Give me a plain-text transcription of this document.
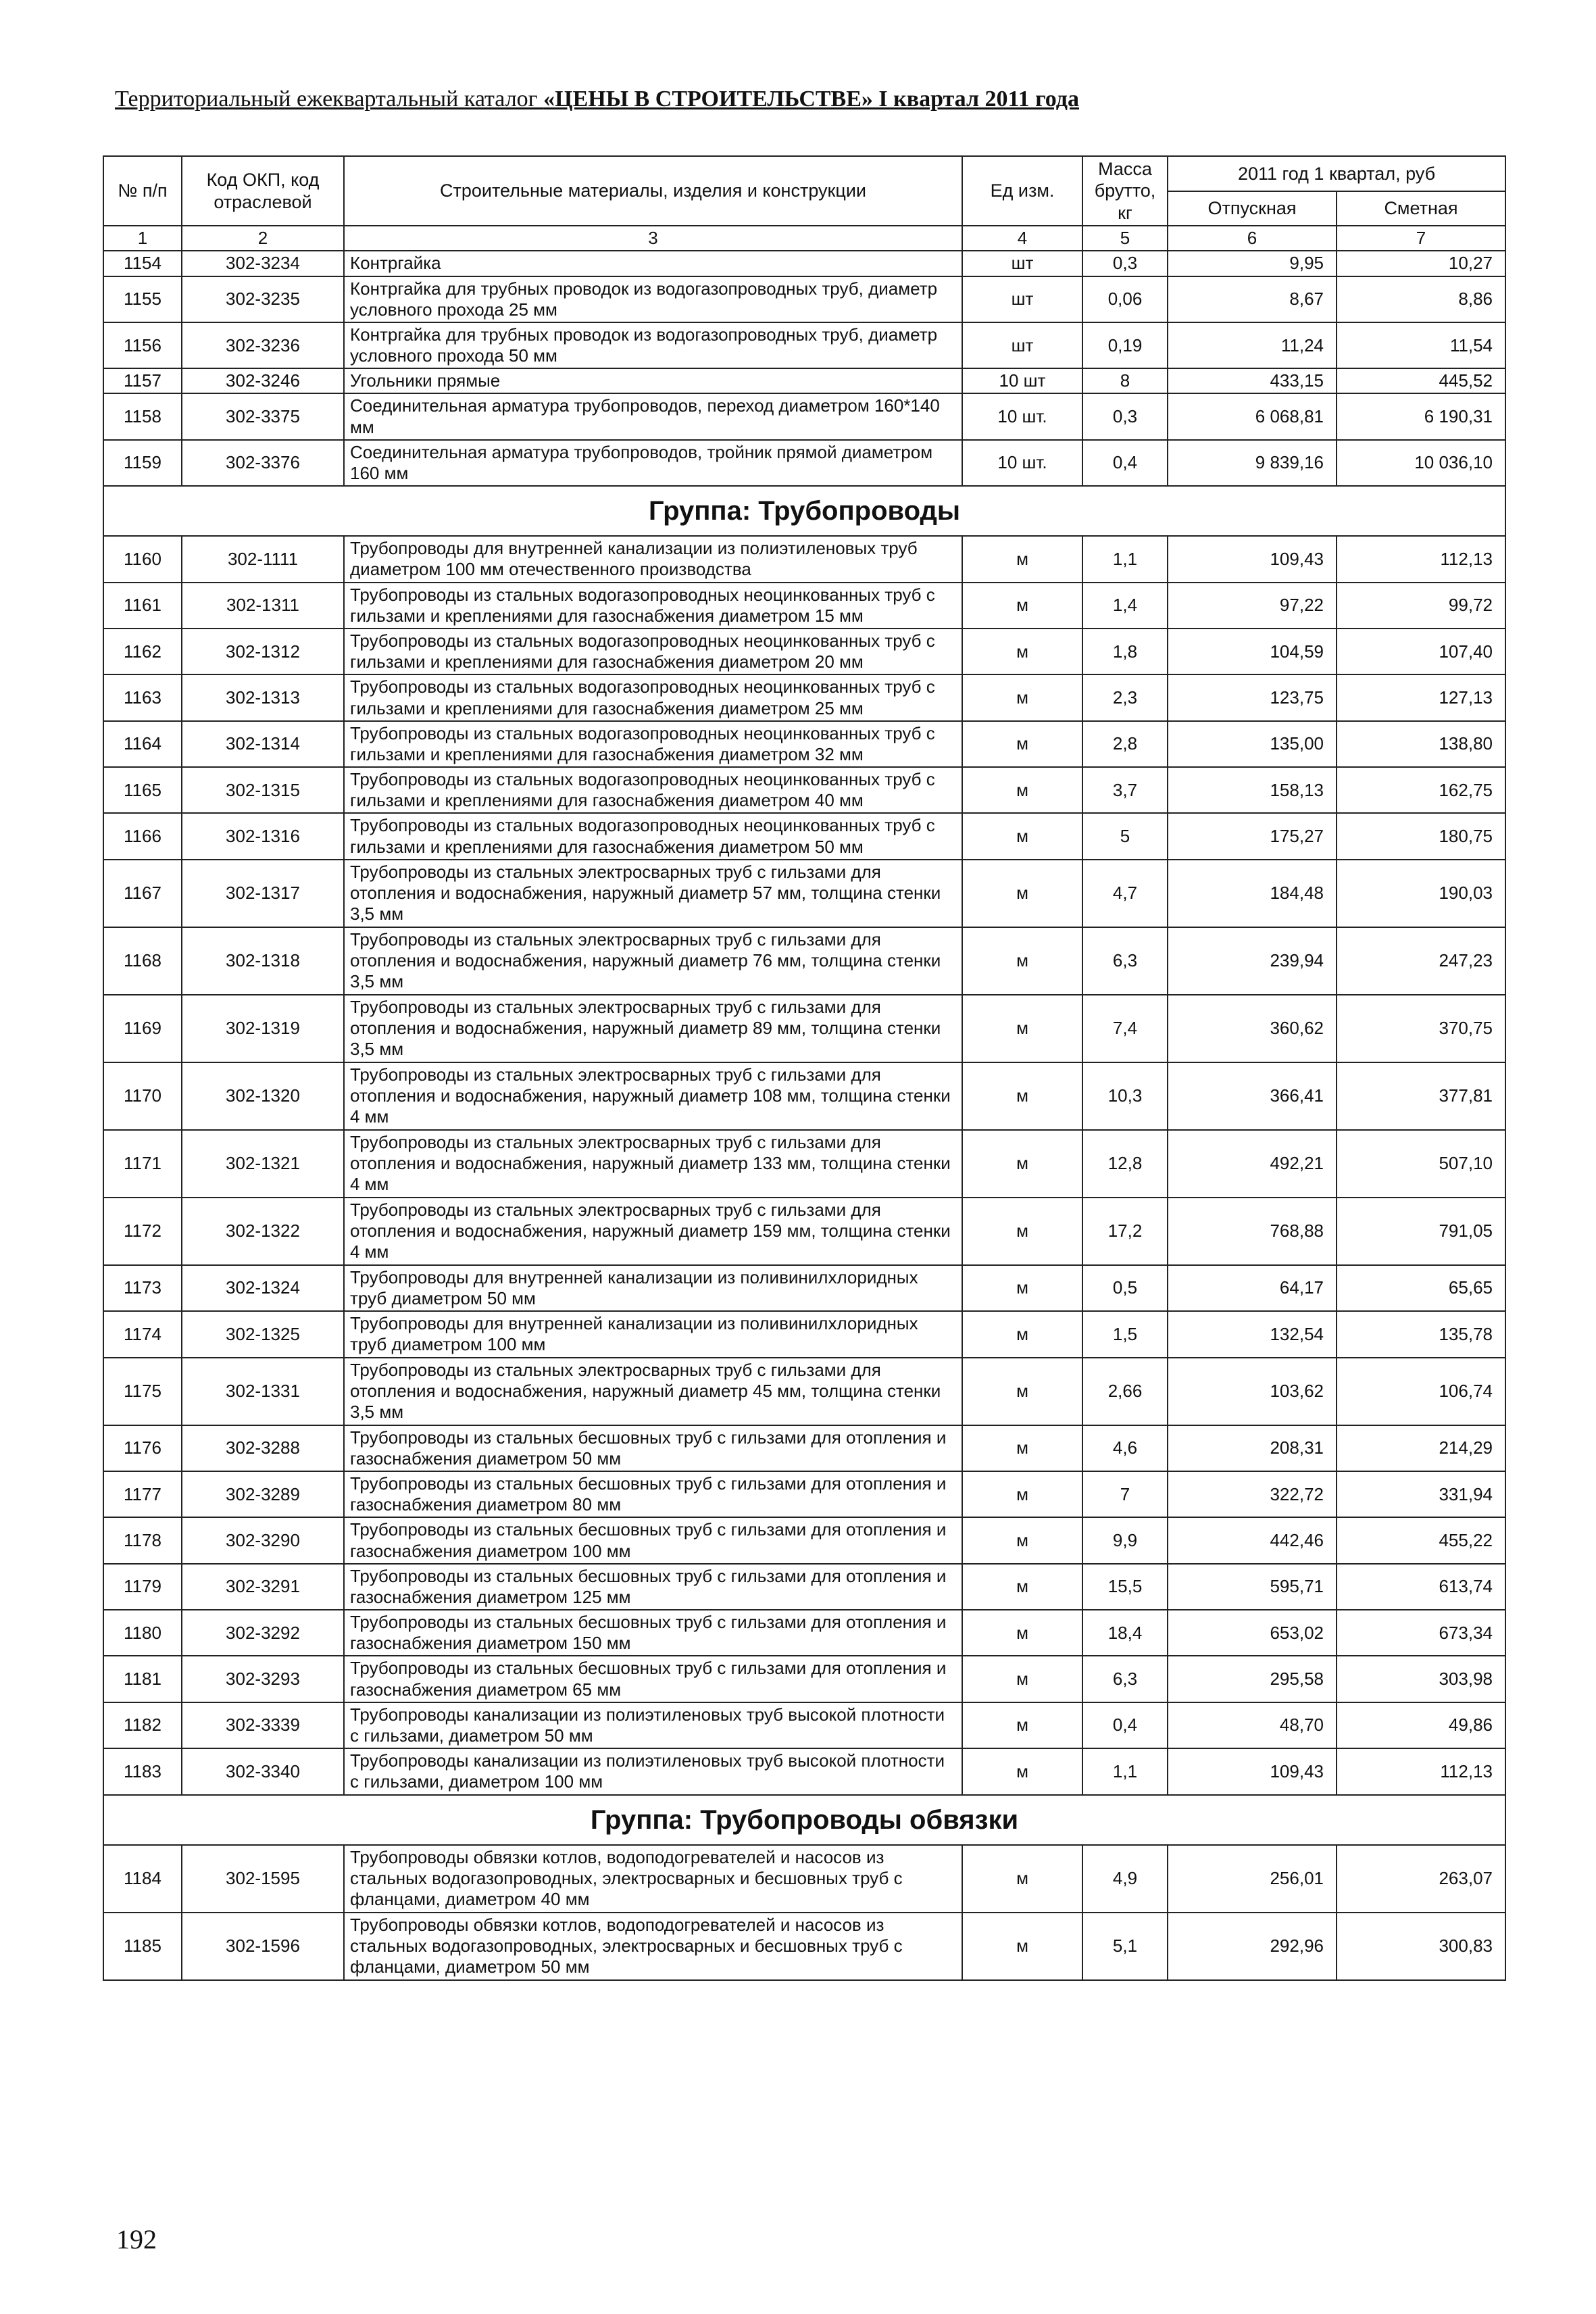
Территориальный ежеквартальный каталог «ЦЕНЫ В СТРОИТЕЛЬСТВЕ» I квартал 2011 года
№ п/п	Код ОКП, код отраслевой	Строительные материалы, изделия и конструкции	Ед изм.	Масса брутто, кг	2011 год 1 квартал, руб	
					Отпускная	Сметная
1	2	3	4	5	6	7
1154	302-3234	Контргайка	шт	0,3	9,95	10,27
1155	302-3235	Контргайка для трубных проводок из водогазопроводных труб, диаметр условного прохода 25 мм	шт	0,06	8,67	8,86
1156	302-3236	Контргайка для трубных проводок из водогазопроводных труб, диаметр условного прохода 50 мм	шт	0,19	11,24	11,54
1157	302-3246	Угольники прямые	10 шт	8	433,15	445,52
1158	302-3375	Соединительная арматура трубопроводов, переход диаметром 160*140 мм	10 шт.	0,3	6 068,81	6 190,31
1159	302-3376	Соединительная арматура трубопроводов, тройник прямой диаметром 160 мм	10 шт.	0,4	9 839,16	10 036,10
Группа: Трубопроводы						
1160	302-1111	Трубопроводы для внутренней канализации из полиэтиленовых труб диаметром 100 мм отечественного производства	м	1,1	109,43	112,13
1161	302-1311	Трубопроводы из стальных водогазопроводных неоцинкованных труб с гильзами и креплениями для газоснабжения диаметром 15 мм	м	1,4	97,22	99,72
1162	302-1312	Трубопроводы из стальных водогазопроводных неоцинкованных труб с гильзами и креплениями для газоснабжения диаметром 20 мм	м	1,8	104,59	107,40
1163	302-1313	Трубопроводы из стальных водогазопроводных неоцинкованных труб с гильзами и креплениями для газоснабжения диаметром 25 мм	м	2,3	123,75	127,13
1164	302-1314	Трубопроводы из стальных водогазопроводных неоцинкованных труб с гильзами и креплениями для газоснабжения диаметром 32 мм	м	2,8	135,00	138,80
1165	302-1315	Трубопроводы из стальных водогазопроводных неоцинкованных труб с гильзами и креплениями для газоснабжения диаметром 40 мм	м	3,7	158,13	162,75
1166	302-1316	Трубопроводы из стальных водогазопроводных неоцинкованных труб с гильзами и креплениями для газоснабжения диаметром 50 мм	м	5	175,27	180,75
1167	302-1317	Трубопроводы из стальных электросварных труб с гильзами для отопления и водоснабжения, наружный диаметр 57 мм, толщина стенки 3,5 мм	м	4,7	184,48	190,03
1168	302-1318	Трубопроводы из стальных электросварных труб с гильзами для отопления и водоснабжения, наружный диаметр 76 мм, толщина стенки 3,5 мм	м	6,3	239,94	247,23
1169	302-1319	Трубопроводы из стальных электросварных труб с гильзами для отопления и водоснабжения, наружный диаметр 89 мм, толщина стенки 3,5 мм	м	7,4	360,62	370,75
1170	302-1320	Трубопроводы из стальных электросварных труб с гильзами для отопления и водоснабжения, наружный диаметр 108 мм, толщина стенки 4 мм	м	10,3	366,41	377,81
1171	302-1321	Трубопроводы из стальных электросварных труб с гильзами для отопления и водоснабжения, наружный диаметр 133 мм, толщина стенки 4 мм	м	12,8	492,21	507,10
1172	302-1322	Трубопроводы из стальных электросварных труб с гильзами для отопления и водоснабжения, наружный диаметр 159 мм, толщина стенки 4 мм	м	17,2	768,88	791,05
1173	302-1324	Трубопроводы для внутренней канализации из поливинилхлоридных труб диаметром 50 мм	м	0,5	64,17	65,65
1174	302-1325	Трубопроводы для внутренней канализации из поливинилхлоридных труб диаметром 100 мм	м	1,5	132,54	135,78
1175	302-1331	Трубопроводы из стальных электросварных труб с гильзами для отопления и водоснабжения, наружный диаметр 45 мм, толщина стенки 3,5 мм	м	2,66	103,62	106,74
1176	302-3288	Трубопроводы из стальных бесшовных труб с гильзами для отопления и газоснабжения диаметром 50 мм	м	4,6	208,31	214,29
1177	302-3289	Трубопроводы из стальных бесшовных труб с гильзами для отопления и газоснабжения диаметром 80 мм	м	7	322,72	331,94
1178	302-3290	Трубопроводы из стальных бесшовных труб с гильзами для отопления и газоснабжения диаметром 100 мм	м	9,9	442,46	455,22
1179	302-3291	Трубопроводы из стальных бесшовных труб с гильзами для отопления и газоснабжения диаметром 125 мм	м	15,5	595,71	613,74
1180	302-3292	Трубопроводы из стальных бесшовных труб с гильзами для отопления и газоснабжения диаметром 150 мм	м	18,4	653,02	673,34
1181	302-3293	Трубопроводы из стальных бесшовных труб с гильзами для отопления и газоснабжения диаметром 65 мм	м	6,3	295,58	303,98
1182	302-3339	Трубопроводы канализации из полиэтиленовых труб высокой плотности с гильзами, диаметром 50 мм	м	0,4	48,70	49,86
1183	302-3340	Трубопроводы канализации из полиэтиленовых труб высокой плотности с гильзами, диаметром 100 мм	м	1,1	109,43	112,13
Группа: Трубопроводы обвязки						
1184	302-1595	Трубопроводы обвязки котлов, водоподогревателей и насосов из стальных водогазопроводных, электросварных и бесшовных труб с фланцами, диаметром 40 мм	м	4,9	256,01	263,07
1185	302-1596	Трубопроводы обвязки котлов, водоподогревателей и насосов из стальных водогазопроводных, электросварных и бесшовных труб с фланцами, диаметром 50 мм	м	5,1	292,96	300,83
192
